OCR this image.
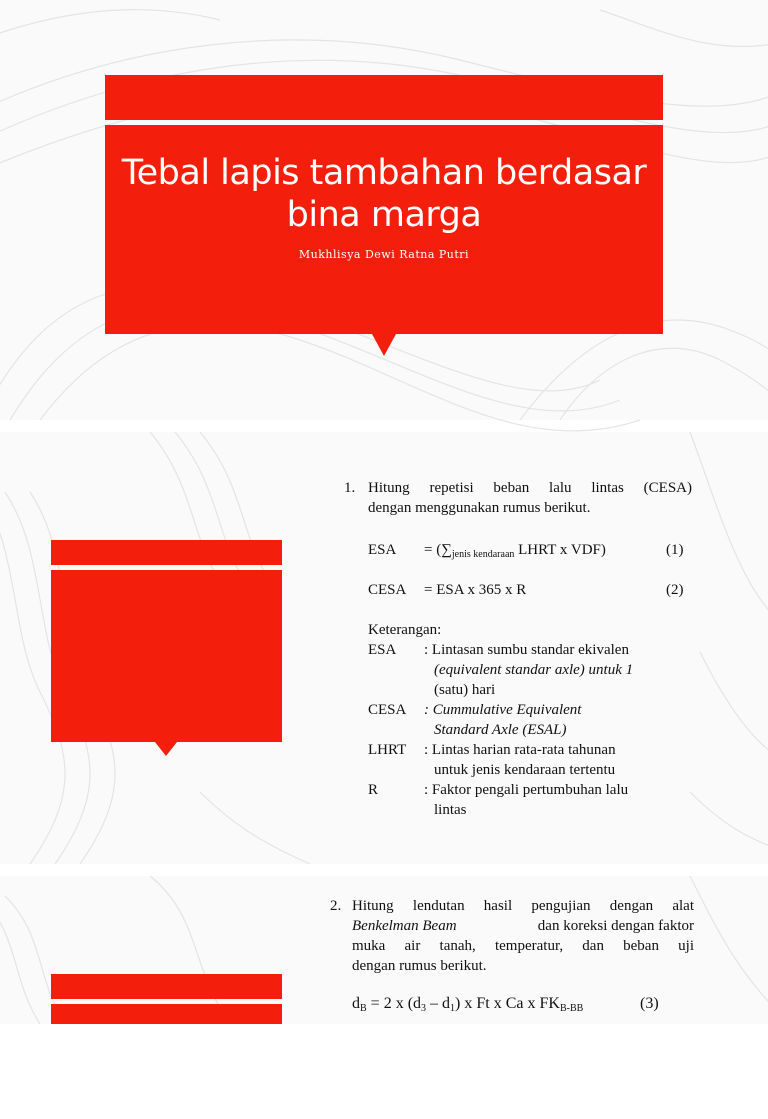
Tebal lapis tambahan berdasar
bina marga
Mukhlisya Dewi Ratna Putri
Bina Marga th
2005
1. Hitung repetisi beban lalu lintas (CESA)
dengan menggunakan rumus berikut.
ESA = ($\sum_{jenis kendaraan}$ LHRT x VDF)	(1)
CESA = ESA x 365 x R	(2)
Keterangan:
ESA : Lintasan sumbu standar ekivalen
(equivalent standar axle) untuk 1
(satu) hari
CESA : Cummulative Equivalent
Standard Axle (ESAL)
LHRT : Lintas harian rata-rata tahunan
untuk jenis kendaraan tertentu
R	: Faktor pengali pertumbuhan lalu
lintas
2. Hitung lendutan hasil pengujian dengan alat
Benkelman Beam	dan koreksi dengan faktor
muka air tanah, temperatur, dan beban uji
dengan rumus berikut.
$d_B = 2$ x $(d_3 - d_1)$ x Ft x Ca x $FK_{B-BB}$	(3)
